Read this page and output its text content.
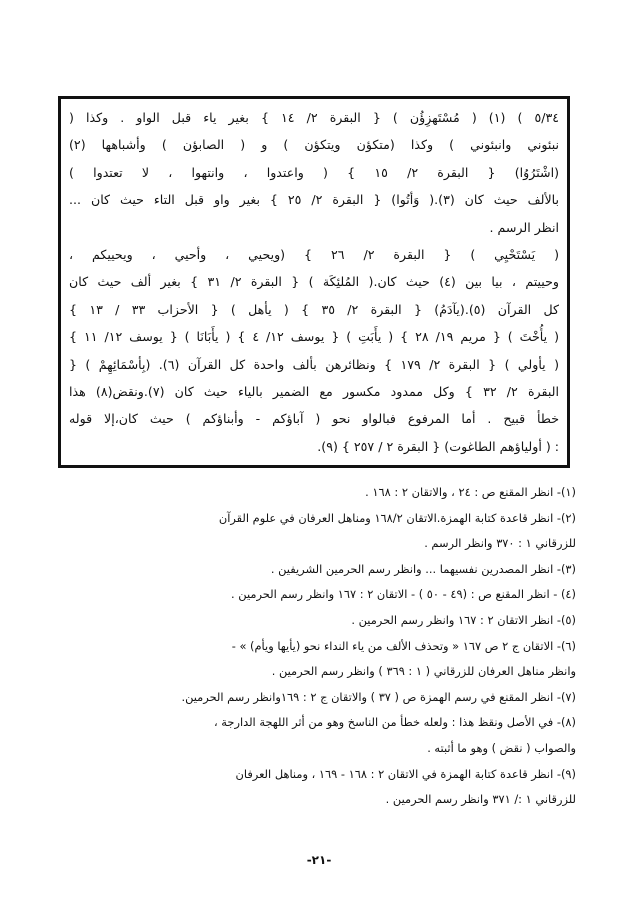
٥/٣٤ ) (١) ( مُسْتَهزِؤُن ) { البقرة ٢/ ١٤ } بغير ياء قبل الواو . وكذا (
نبئوني وانبئوني ) وكذا (متكؤن ويتكؤن ) و ( الصابؤن ) وأشباهها (٢)
(اشْتَرُوُا) { البقرة ٢/ ١٥ } ( واعتدوا ، وانتهوا ، لا تعتدوا )
بالألف حيث كان (٣).( وَأتُوا) { البقرة ٢/ ٢٥ } بغير واو قبل التاء حيث كان ...
انظر الرسم .
( يَسْتَحْيِي ) { البقرة ٢/ ٢٦ } (ويحيي ، وأحيي ، ويحييكم ،
وحييتم ، بيا بين (٤) حيث كان.( المُلئِكَة ) { البقرة ٢/ ٣١ } بغير ألف حيث كان
كل القرآن (٥).(يآدَمُ) { البقرة ٢/ ٣٥ } ( يأهل ) { الأحزاب ٣٣ / ١٣ }
( يأُخْتَ ) { مريم ١٩/ ٢٨ } ( يأَبَتِ ) { يوسف ١٢/ ٤ } ( يأَبَانَا ) { يوسف ١٢/ ١١ }
( يأولي ) { البقرة ٢/ ١٧٩ } ونظائرهن بألف واحدة كل القرآن (٦). (بِأسْمَائِهِمْ ) {
البقرة ٢/ ٣٢ } وكل ممدود مكسور مع الضمير بالياء حيث كان (٧).ونقض(٨) هذا
خطأ قبيح . أما المرفوع فبالواو نحو ( آباؤكم - وأبناؤكم ) حيث كان،إلا قوله
: ( أولياؤهم الطاغوت) { البقرة ٢ / ٢٥٧ } (٩).
(١)- انظر المقنع ص : ٢٤ ، والاتقان ٢ : ١٦٨ .
(٢)- انظر قاعدة كتابة الهمزة.الاتقان ١٦٨/٢ ومناهل العرفان في علوم القرآن
للزرقاني ١ : ٣٧٠ وانظر الرسم .
(٣)- انظر المصدرين نفسيهما ... وانظر رسم الحرمين الشريفين .
(٤) - انظر المقنع ص : (٤٩ - ٥٠ ) - الاتقان ٢ : ١٦٧ وانظر رسم الحرمين .
(٥)- انظر الاتقان ٢ : ١٦٧ وانظر رسم الحرمين .
(٦)- الاتقان ج ٢ ص ١٦٧ « وتحذف الألف من ياء النداء نحو (يأيها ويأم) » -
وانظر مناهل العرفان للزرقاني ( ١ : ٣٦٩ ) وانظر رسم الحرمين .
(٧)- انظر المقنع في رسم الهمزة ص ( ٣٧ ) والاتقان ج ٢ : ١٦٩وانظر رسم الحرمين.
(٨)- في الأصل ونقظ هذا : ولعله خطأ من الناسخ وهو من أثر اللهجة الدارجة ،
والصواب ( نقض ) وهو ما أثبته .
(٩)- انظر قاعدة كتابة الهمزة في الاتقان ٢ : ١٦٨ - ١٦٩ ، ومناهل العرفان
للزرقاني ١ :/ ٣٧١ وانظر رسم الحرمين .
-٢١-
